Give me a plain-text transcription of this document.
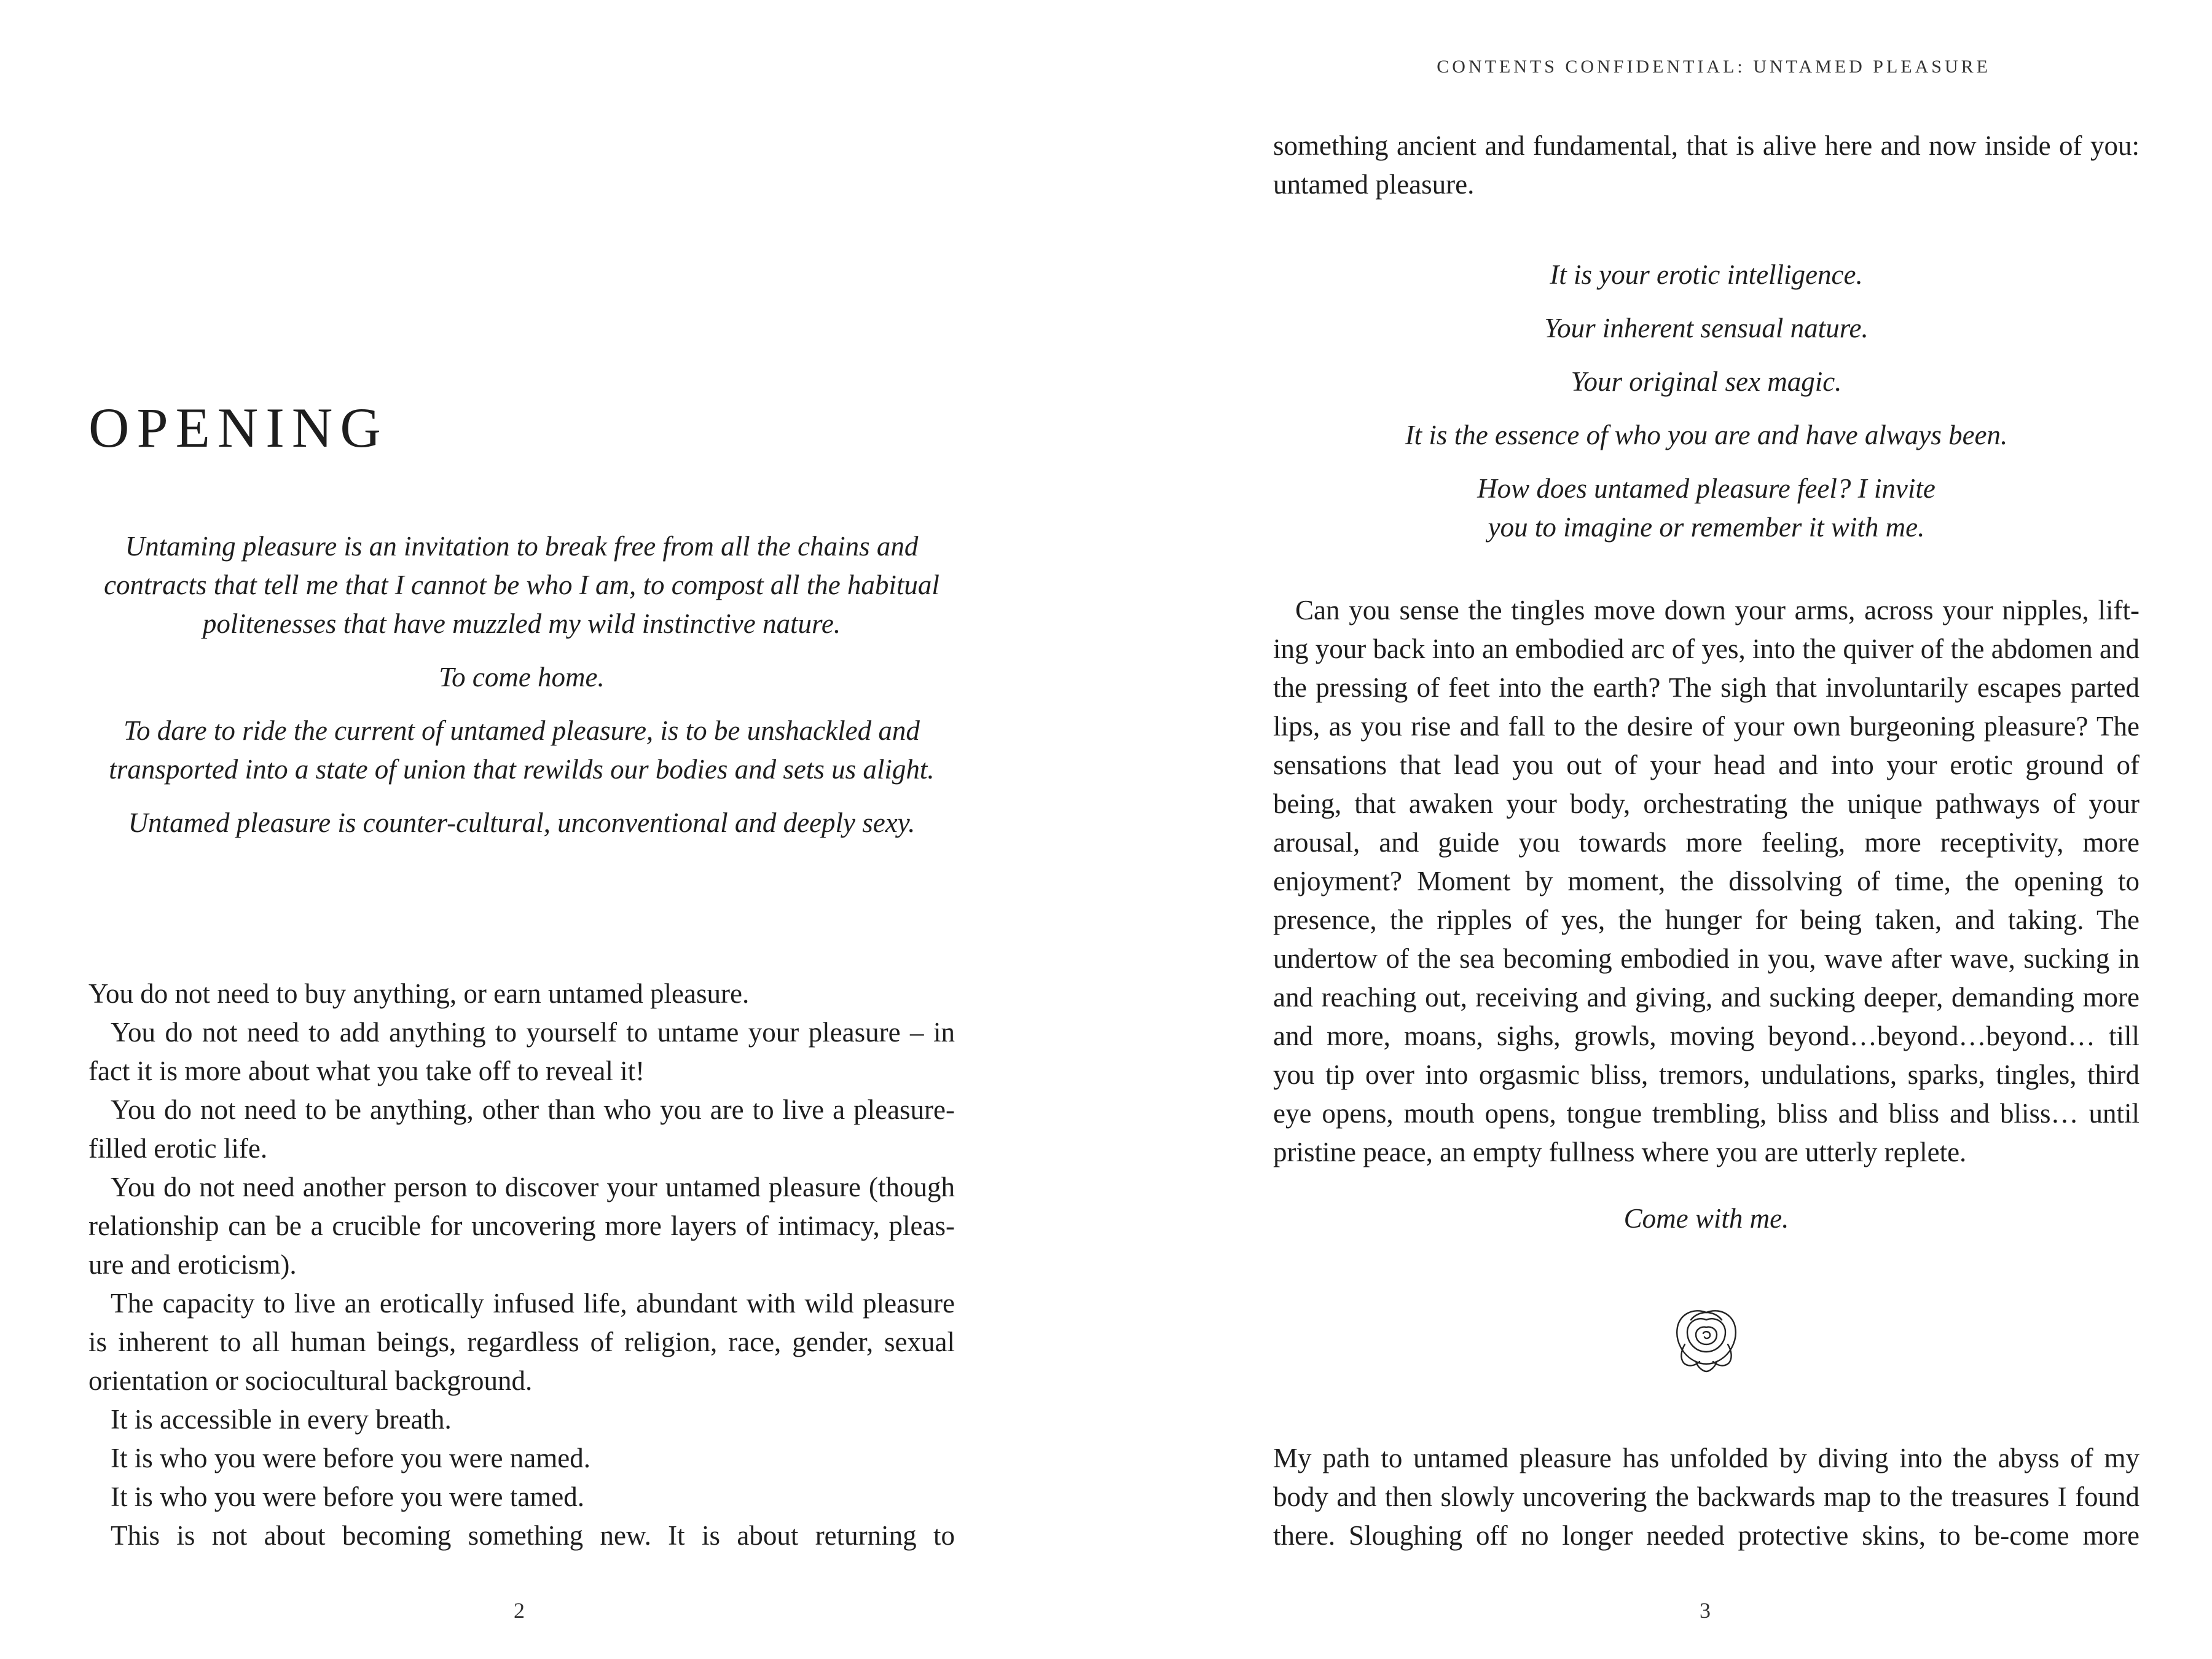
OPENING

Untaming pleasure is an invitation to break free from all the chains and contracts that tell me that I cannot be who I am, to compost all the habitual politenesses that have muzzled my wild instinctive nature.

To come home.

To dare to ride the current of untamed pleasure, is to be unshackled and transported into a state of union that rewilds our bodies and sets us alight.

Untamed pleasure is counter-cultural, unconventional and deeply sexy.

You do not need to buy anything, or earn untamed pleasure.

You do not need to add anything to yourself to untame your pleasure – in fact it is more about what you take off to reveal it!

You do not need to be anything, other than who you are to live a pleasure-filled erotic life.

You do not need another person to discover your untamed pleasure (though relationship can be a crucible for uncovering more layers of intimacy, pleasure and eroticism).

The capacity to live an erotically infused life, abundant with wild pleasure is inherent to all human beings, regardless of religion, race, gender, sexual orientation or sociocultural background.

It is accessible in every breath.

It is who you were before you were named.

It is who you were before you were tamed.

This is not about becoming something new. It is about returning to

2
CONTENTS CONFIDENTIAL: UNTAMED PLEASURE

something ancient and fundamental, that is alive here and now inside of you: untamed pleasure.

It is your erotic intelligence.

Your inherent sensual nature.

Your original sex magic.

It is the essence of who you are and have always been.

How does untamed pleasure feel? I invite you to imagine or remember it with me.

Can you sense the tingles move down your arms, across your nipples, lifting your back into an embodied arc of yes, into the quiver of the abdomen and the pressing of feet into the earth? The sigh that involuntarily escapes parted lips, as you rise and fall to the desire of your own burgeoning pleasure? The sensations that lead you out of your head and into your erotic ground of being, that awaken your body, orchestrating the unique pathways of your arousal, and guide you towards more feeling, more receptivity, more enjoyment? Moment by moment, the dissolving of time, the opening to presence, the ripples of yes, the hunger for being taken, and taking. The undertow of the sea becoming embodied in you, wave after wave, sucking in and reaching out, receiving and giving, and sucking deeper, demanding more and more, moans, sighs, growls, moving beyond…beyond…beyond… till you tip over into orgasmic bliss, tremors, undulations, sparks, tingles, third eye opens, mouth opens, tongue trembling, bliss and bliss and bliss… until pristine peace, an empty fullness where you are utterly replete.

Come with me.

My path to untamed pleasure has unfolded by diving into the abyss of my body and then slowly uncovering the backwards map to the treasures I found there. Sloughing off no longer needed protective skins, to be-come more

3
